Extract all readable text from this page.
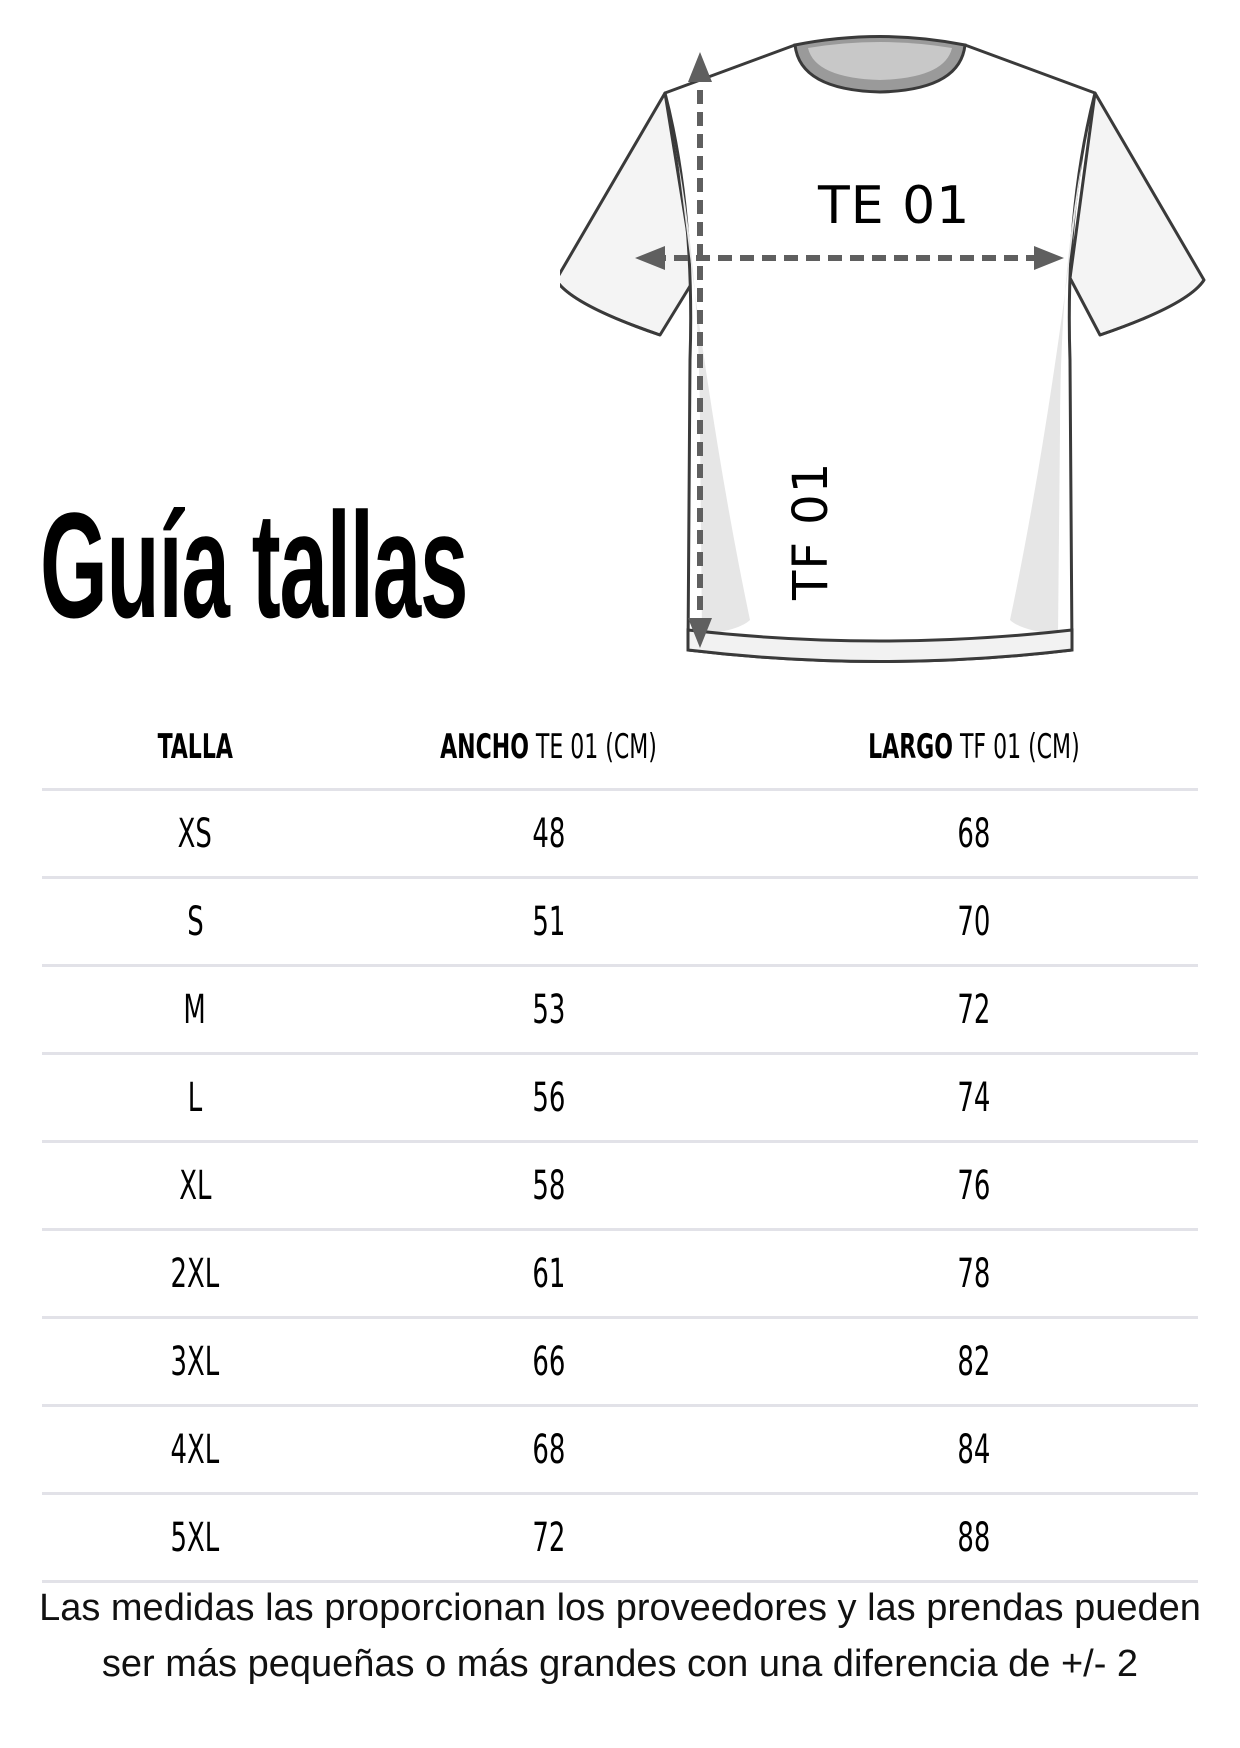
TE 01
TF 01
Guía tallas
TALLA	ANCHO TE 01 (CM)	LARGO TF 01 (CM)
XS	48	68
S	51	70
M	53	72
L	56	74
XL	58	76
2XL	61	78
3XL	66	82
4XL	68	84
5XL	72	88
Las medidas las proporcionan los proveedores y las prendas pueden ser más pequeñas o más grandes con una diferencia de +/- 2
